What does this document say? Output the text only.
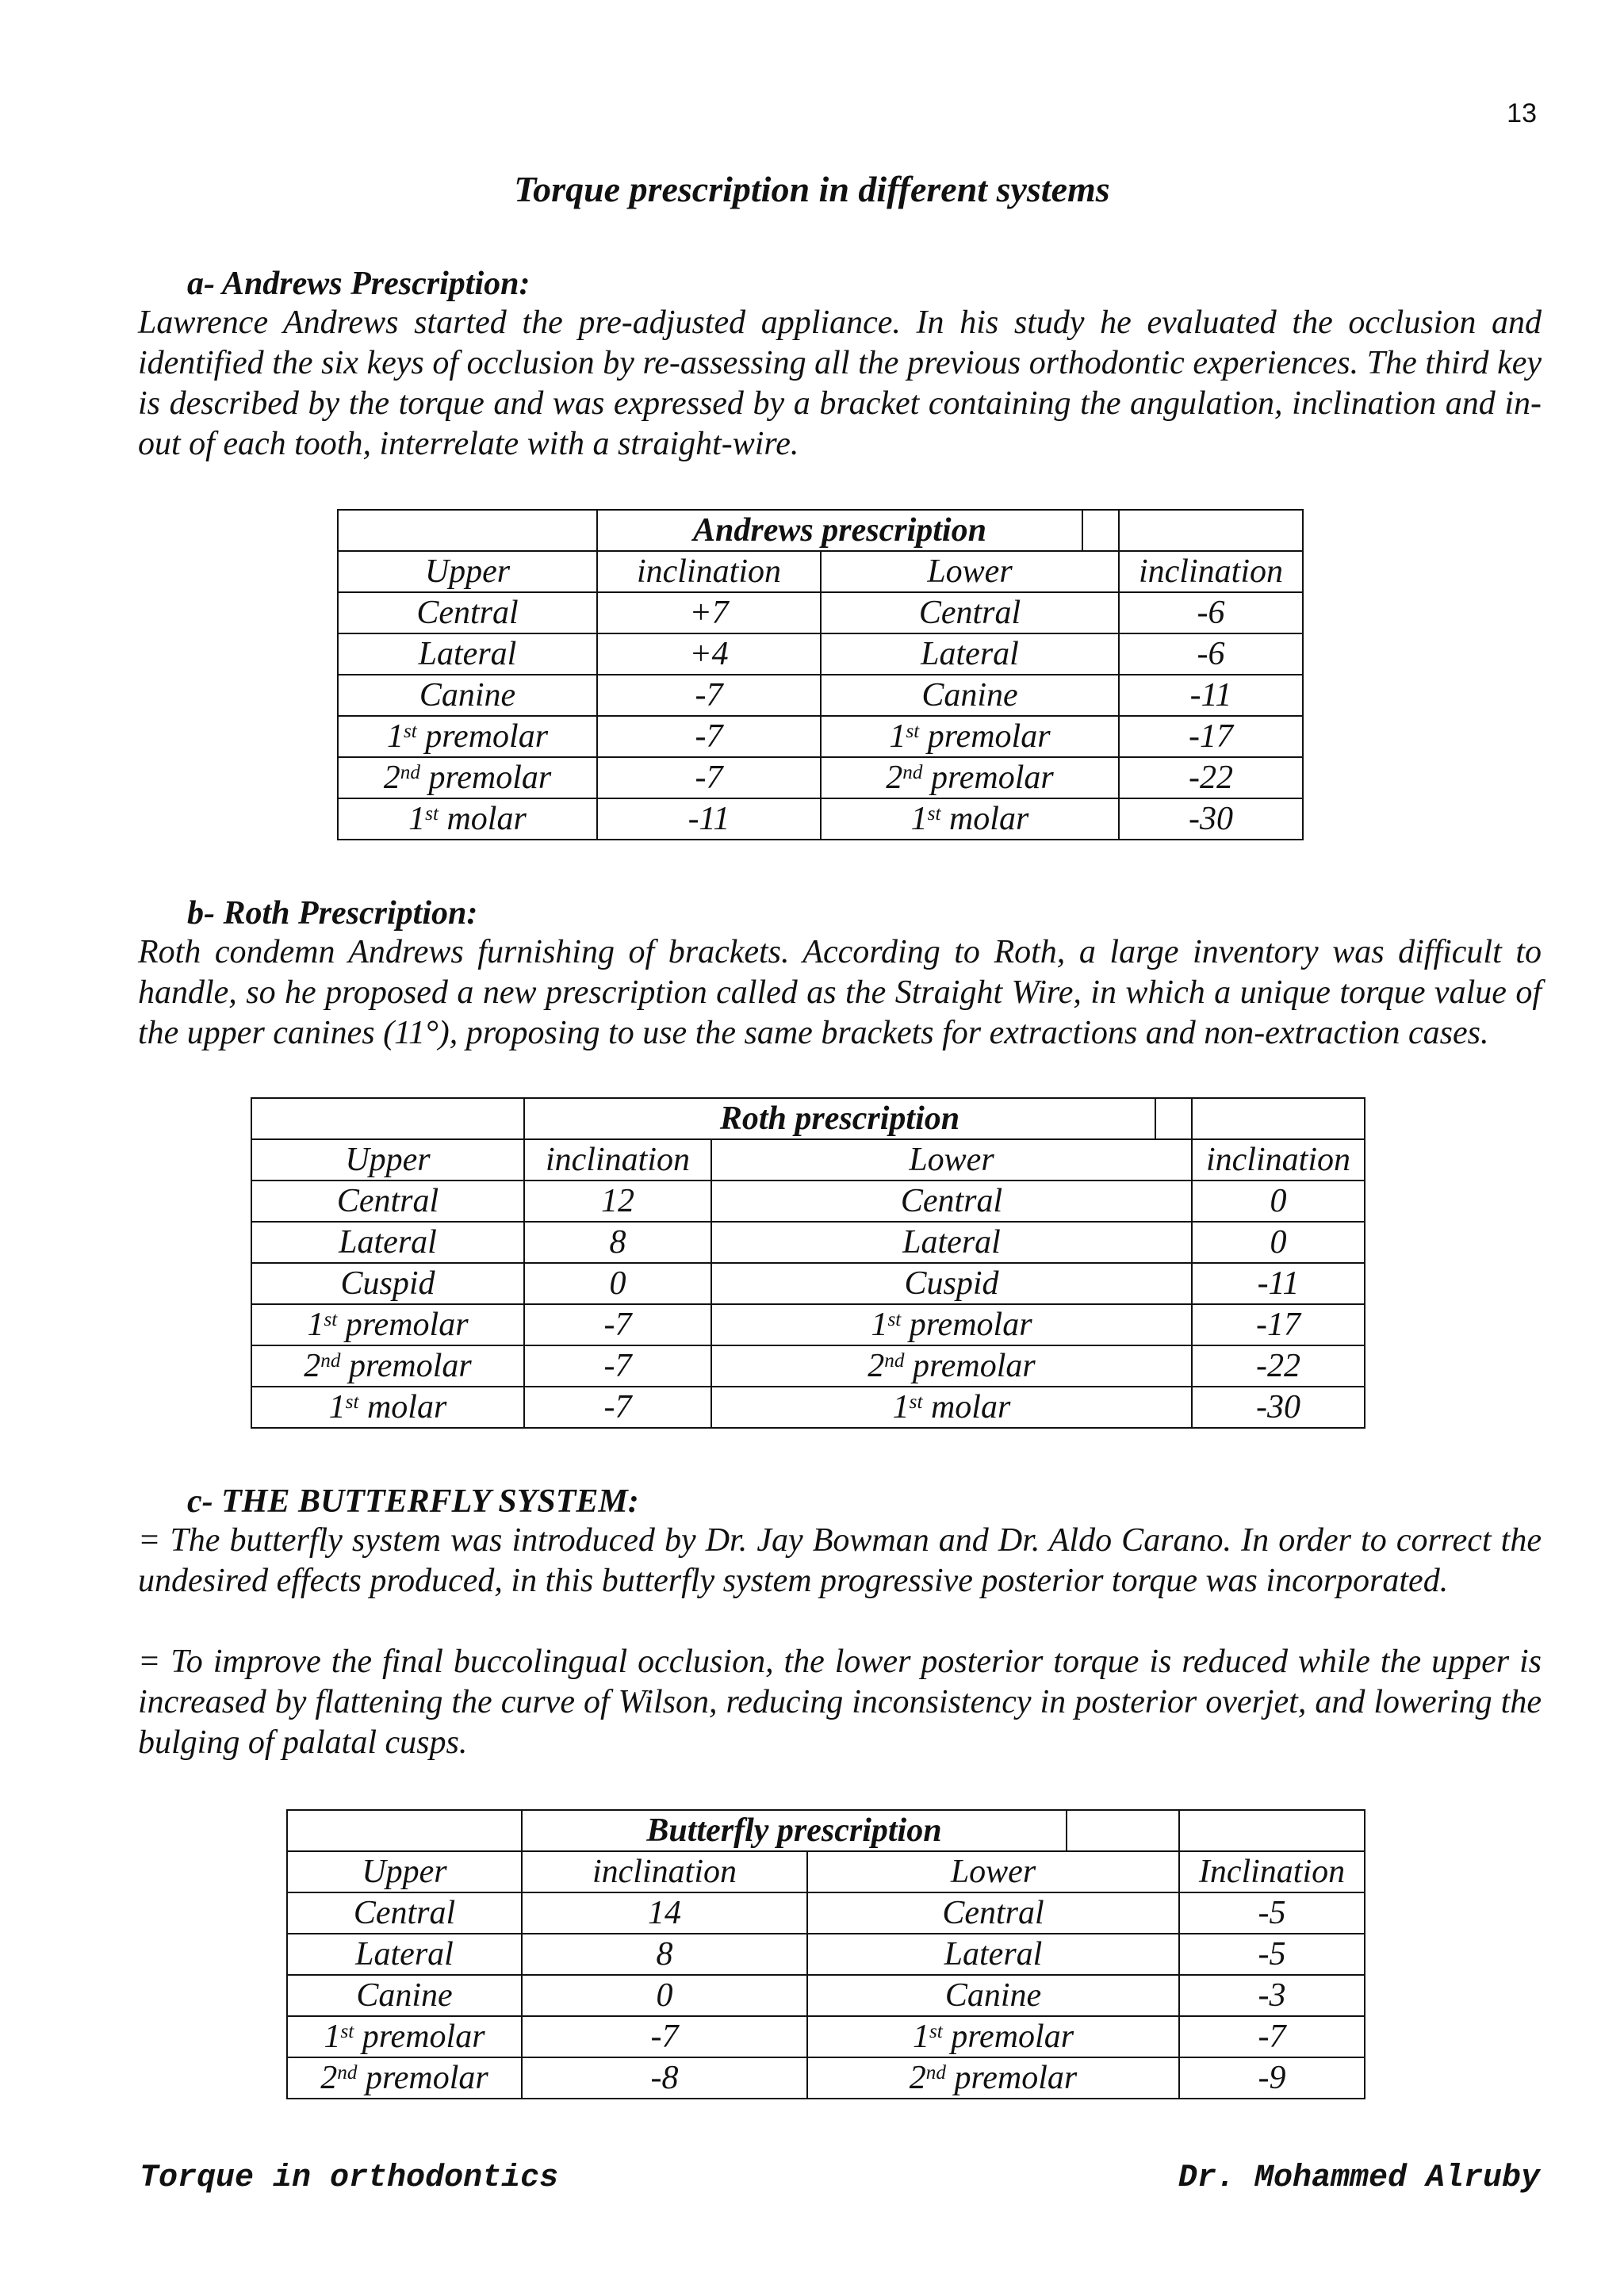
13
Torque prescription in different systems
a- Andrews Prescription:

Lawrence Andrews started the pre-adjusted appliance. In his study he evaluated the occlusion and identified the six keys of occlusion by re-assessing all the previous orthodontic experiences. The third key is described by the torque and was expressed by a bracket containing the angulation, inclination and in-out of each tooth, interrelate with a straight-wire.

	Andrews prescription			
Upper	inclination	Lower		inclination
Central	+7	Central		-6
Lateral	+4	Lateral		-6
Canine	-7	Canine		-11
1st premolar	-7	1st premolar		-17
2nd premolar	-7	2nd premolar		-22
1st molar	-11	1st molar		-30
b- Roth Prescription:

Roth condemn Andrews furnishing of brackets. According to Roth, a large inventory was difficult to handle, so he proposed a new prescription called as the Straight Wire, in which a unique torque value of the upper canines (11°), proposing to use the same brackets for extractions and non-extraction cases.

	Roth prescription			
Upper	inclination	Lower		inclination
Central	12	Central		0
Lateral	8	Lateral		0
Cuspid	0	Cuspid		-11
1st premolar	-7	1st premolar		-17
2nd premolar	-7	2nd premolar		-22
1st molar	-7	1st molar		-30
c- THE BUTTERFLY SYSTEM:

= The butterfly system was introduced by Dr. Jay Bowman and Dr. Aldo Carano. In order to correct the undesired effects produced, in this butterfly system progressive posterior torque was incorporated.

= To improve the final buccolingual occlusion, the lower posterior torque is reduced while the upper is increased by flattening the curve of Wilson, reducing inconsistency in posterior overjet, and lowering the bulging of palatal cusps.

	Butterfly prescription			
Upper	inclination	Lower		Inclination
Central	14	Central		-5
Lateral	8	Lateral		-5
Canine	0	Canine		-3
1st premolar	-7	1st premolar		-7
2nd premolar	-8	2nd premolar		-9
Torque in orthodontics	Dr. Mohammed Alruby
